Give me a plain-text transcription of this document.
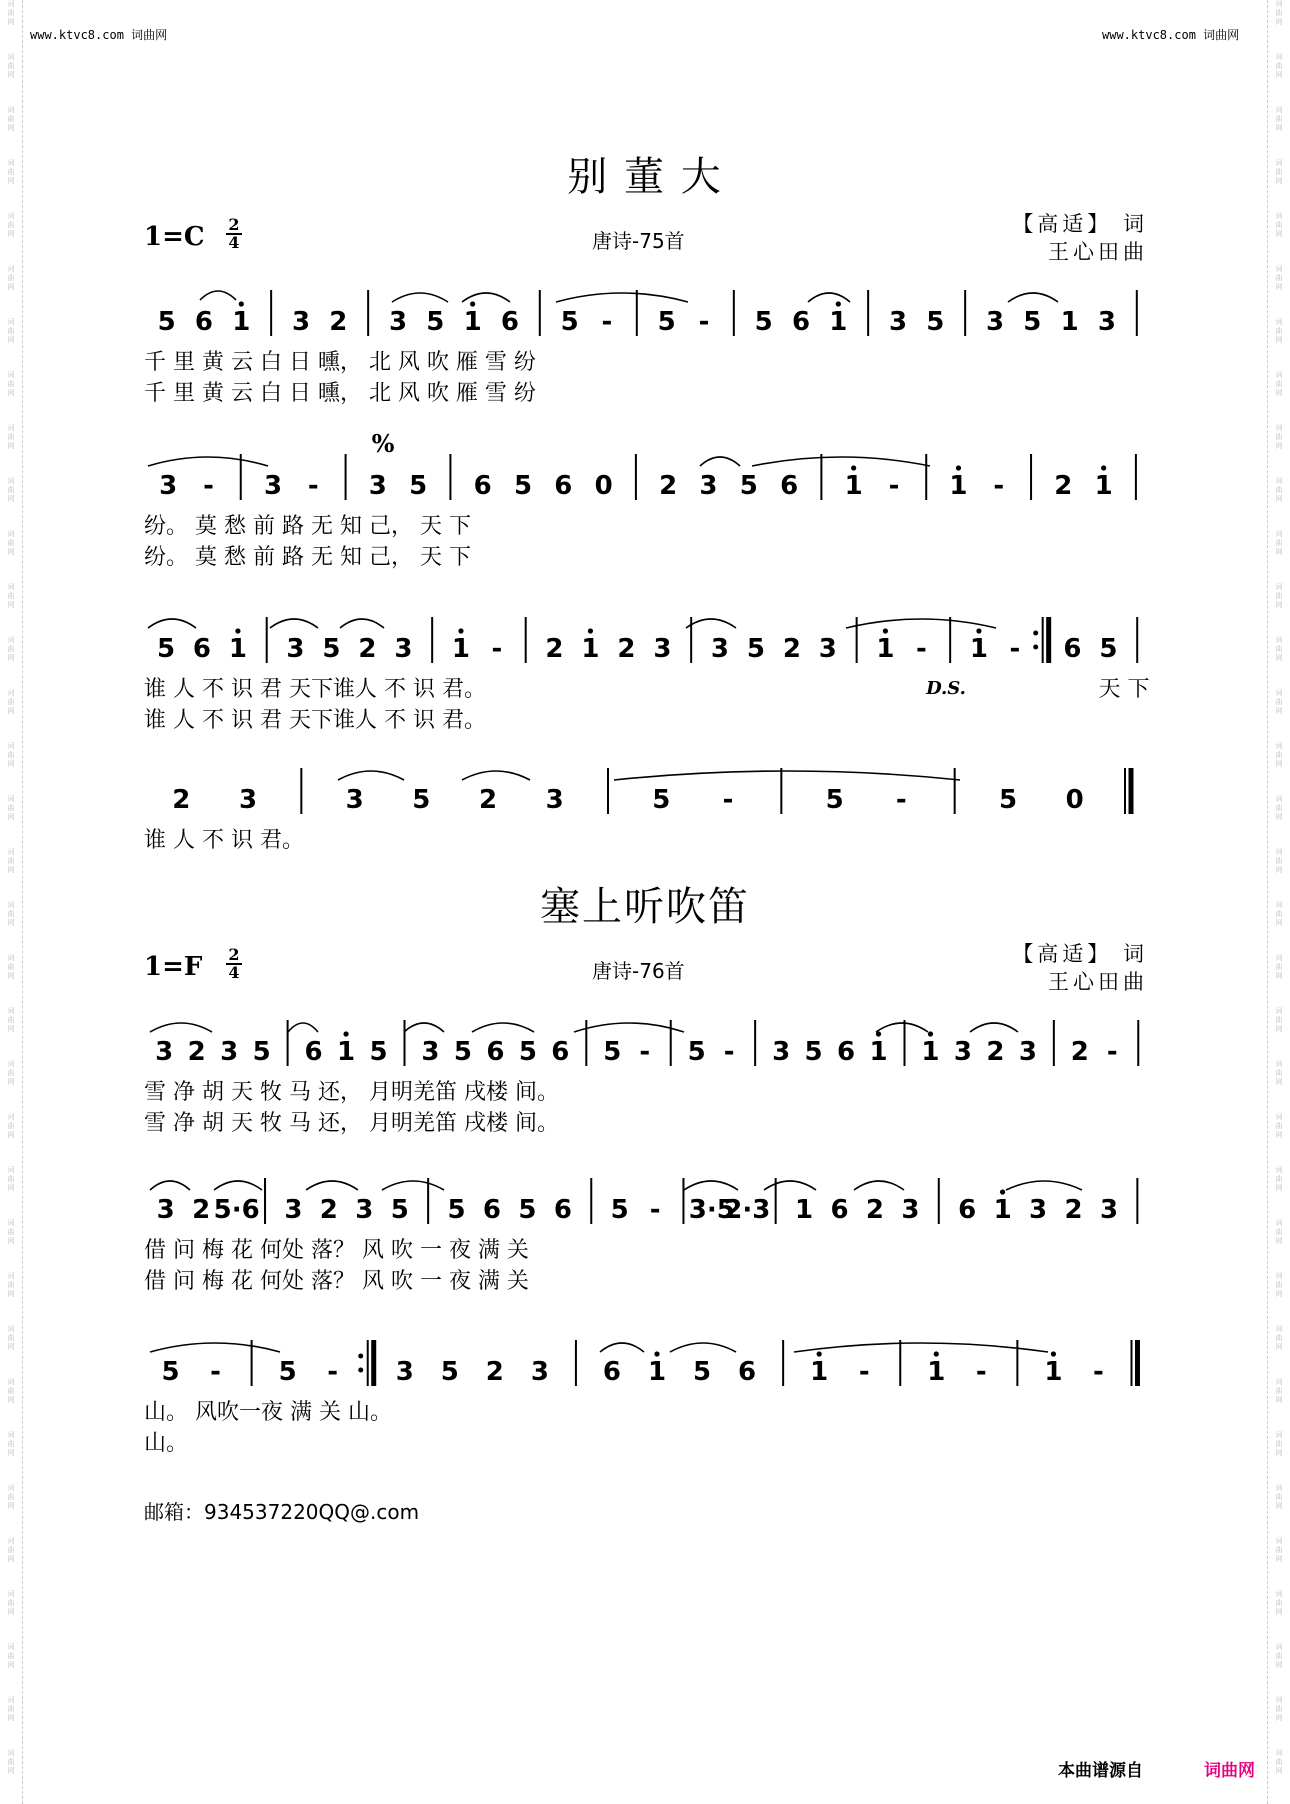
词
曲
网
词
曲
网
词
曲
网
词
曲
网
词
曲
网
词
曲
网
词
曲
网
词
曲
网
词
曲
网
词
曲
网
词
曲
网
词
曲
网
词
曲
网
词
曲
网
词
曲
网
词
曲
网
词
曲
网
词
曲
网
词
曲
网
词
曲
网
词
曲
网
词
曲
网
词
曲
网
词
曲
网
词
曲
网
词
曲
网
词
曲
网
词
曲
网
词
曲
网
词
曲
网
词
曲
网
词
曲
网
词
曲
网
词
曲
网
词
曲
网
词
曲
网
词
曲
网
词
曲
网
词
曲
网
词
曲
网
词
曲
网
词
曲
网
词
曲
网
词
曲
网
词
曲
网
词
曲
网
词
曲
网
词
曲
网
词
曲
网
词
曲
网
词
曲
网
词
曲
网
词
曲
网
词
曲
网
词
曲
网
词
曲
网
词
曲
网
词
曲
网
词
曲
网
词
曲
网
词
曲
网
词
曲
网
词
曲
网
词
曲
网
词
曲
网
词
曲
网
词
曲
网
词
曲
网
www.ktvc8.com 词曲网	www.ktvc8.com 词曲网
别 董 大
1=C 2
4	唐诗-75首
【高适】 词
王心田曲
塞上听吹笛
1=F 2
4	唐诗-76首
【高适】 词
王心田曲
5 6 1 3 2 3 5 1 6 5 - 5 - 5 6 1 3 5 3 5 1 3
千 里 黄 云 白 日 曛， 北 风 吹 雁 雪 纷
千 里 黄 云 白 日 曛， 北 风 吹 雁 雪 纷
3 - 3 - 3 5 6 5 6 0 2 3 5 6 1 - 1 - 2 1
纷。 莫 愁 前 路 无 知 己， 天 下
纷。 莫 愁 前 路 无 知 己， 天 下
5 6 1 3 5 2 3 1 - 2 1 2 3 3 5 2 3 1 - 1 - 6 5
谁 人 不 识 君 天下谁人 不 识 君。
谁 人 不 识 君 天下谁人 不 识 君。
天 下
2 3	3 5 2 3	5 -	5 -	5 0
谁 人 不 识 君。
3 2 3 5 6 1 5 3 5 6 5 6 5 - 5 - 3 5 6 1 1 3 2 3 2 -
雪 净 胡 天 牧 马 还， 月明羌笛 戌楼 间。
雪 净 胡 天 牧 马 还， 月明羌笛 戌楼 间。
3 2 5·6 3 2 3 5 5 6 5 6 5 - 3·5
2·3 1 6 2 3 6 1 3 2 3
借 问 梅 花 何处 落？ 风 吹 一 夜 满 关
借 问 梅 花 何处 落？ 风 吹 一 夜 满 关
5 - 5 - 3 5 2 3 6 1 5 6 1 - 1 - 1 -
山。 风吹一夜 满 关 山。
山。
%
D.S.
邮箱：934537220QQ@.com
本曲谱源自	词曲网
